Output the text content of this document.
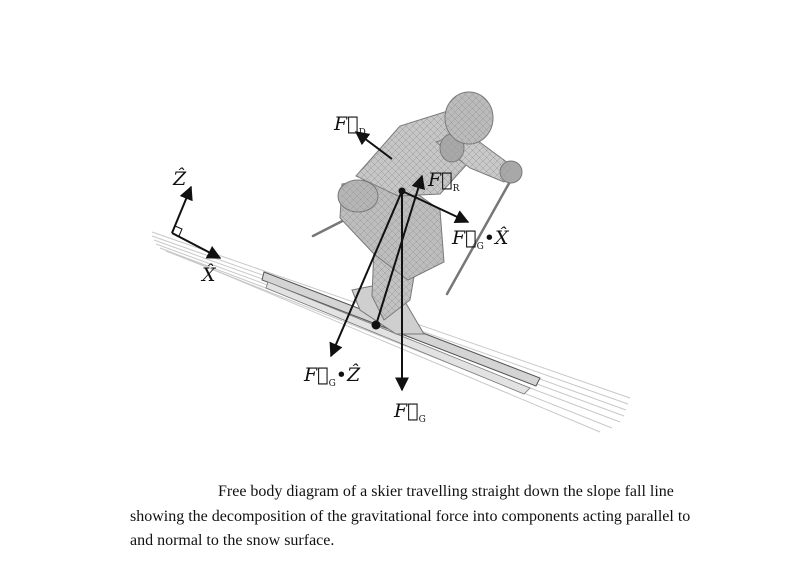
Ẑ
X̂
$F⃗_D$
$F⃗_R$
$F⃗_G•X̂$
$F⃗_G•Ẑ$
$F⃗_G$

Free body diagram of a skier travelling straight down the slope fall line showing the decomposition of the gravitational force into components acting parallel to and normal to the snow surface.
